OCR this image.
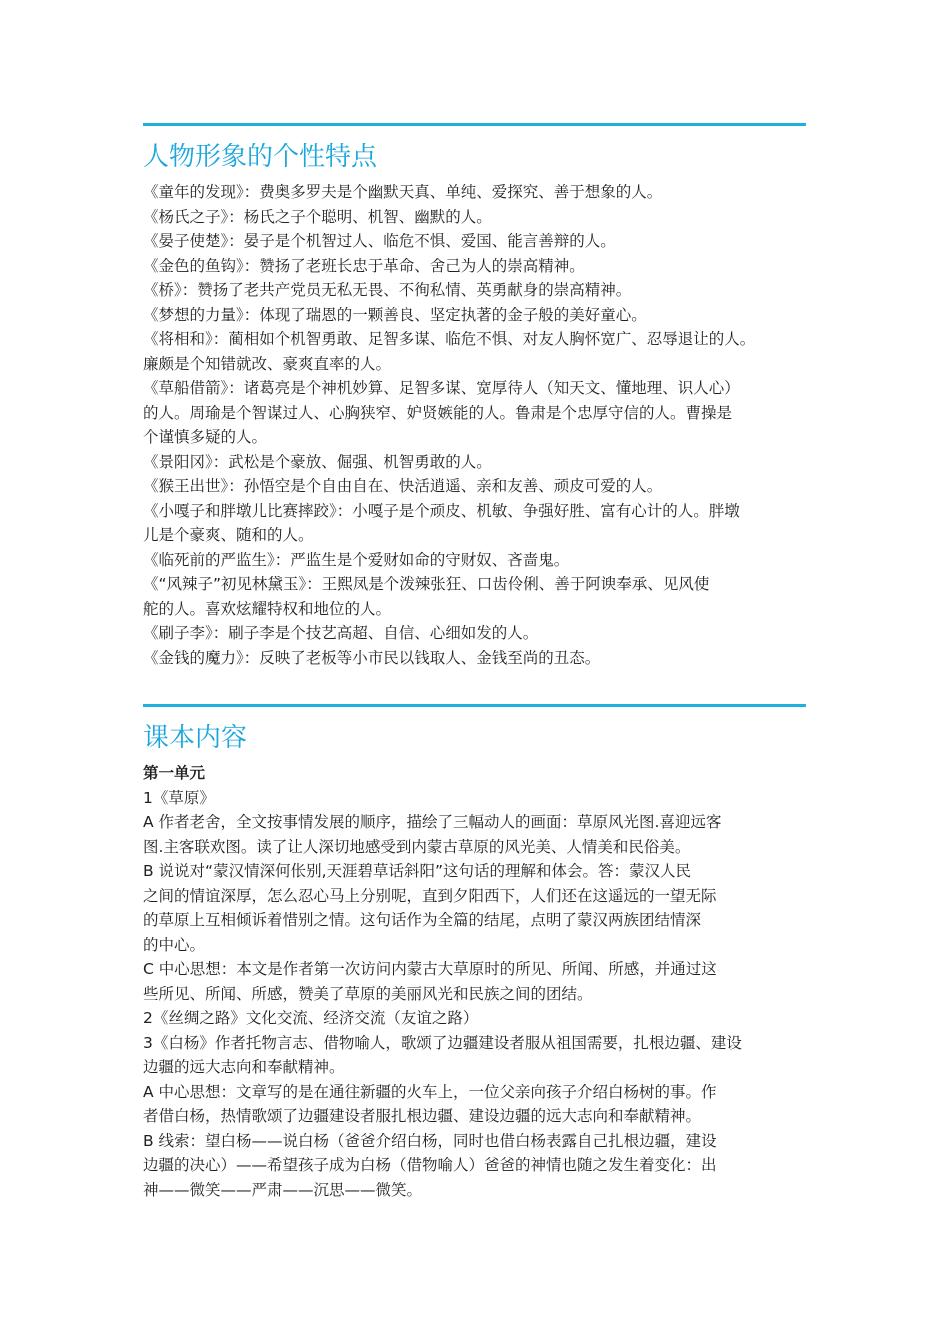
人物形象的个性特点

《童年的发现》：费奥多罗夫是个幽默天真、单纯、爱探究、善于想象的人。

《杨氏之子》：杨氏之子个聪明、机智、幽默的人。

《晏子使楚》：晏子是个机智过人、临危不惧、爱国、能言善辩的人。

《金色的鱼钩》：赞扬了老班长忠于革命、舍己为人的崇高精神。

《桥》：赞扬了老共产党员无私无畏、不徇私情、英勇献身的崇高精神。

《梦想的力量》：体现了瑞恩的一颗善良、坚定执著的金子般的美好童心。

《将相和》：蔺相如个机智勇敢、足智多谋、临危不惧、对友人胸怀宽广、忍辱退让的人。

廉颇是个知错就改、豪爽直率的人。

《草船借箭》：诸葛亮是个神机妙算、足智多谋、宽厚待人（知天文、懂地理、识人心）

的人。周瑜是个智谋过人、心胸狭窄、妒贤嫉能的人。鲁肃是个忠厚守信的人。曹操是

个谨慎多疑的人。

《景阳冈》：武松是个豪放、倔强、机智勇敢的人。

《猴王出世》：孙悟空是个自由自在、快活逍遥、亲和友善、顽皮可爱的人。

《小嘎子和胖墩儿比赛摔跤》：小嘎子是个顽皮、机敏、争强好胜、富有心计的人。胖墩

儿是个豪爽、随和的人。

《临死前的严监生》：严监生是个爱财如命的守财奴、吝啬鬼。

《“风辣子”初见林黛玉》：王熙凤是个泼辣张狂、口齿伶俐、善于阿谀奉承、见风使

舵的人。喜欢炫耀特权和地位的人。

《刷子李》：刷子李是个技艺高超、自信、心细如发的人。

《金钱的魔力》：反映了老板等小市民以钱取人、金钱至尚的丑态。

课本内容

第一单元

1《草原》

A 作者老舍，全文按事情发展的顺序，描绘了三幅动人的画面：草原风光图.喜迎远客

图.主客联欢图。读了让人深切地感受到内蒙古草原的风光美、人情美和民俗美。

B 说说对“蒙汉情深何伥别,天涯碧草话斜阳”这句话的理解和体会。答：蒙汉人民

之间的情谊深厚，怎么忍心马上分别呢，直到夕阳西下，人们还在这遥远的一望无际

的草原上互相倾诉着惜别之情。这句话作为全篇的结尾，点明了蒙汉两族团结情深

的中心。

C 中心思想：本文是作者第一次访问内蒙古大草原时的所见、所闻、所感，并通过这

些所见、所闻、所感，赞美了草原的美丽风光和民族之间的团结。

2《丝绸之路》文化交流、经济交流（友谊之路）

3《白杨》作者托物言志、借物喻人，歌颂了边疆建设者服从祖国需要，扎根边疆、建设

边疆的远大志向和奉献精神。

A 中心思想：文章写的是在通往新疆的火车上，一位父亲向孩子介绍白杨树的事。作

者借白杨，热情歌颂了边疆建设者服扎根边疆、建设边疆的远大志向和奉献精神。

B 线索：望白杨——说白杨（爸爸介绍白杨，同时也借白杨表露自己扎根边疆，建设

边疆的决心）——希望孩子成为白杨（借物喻人）爸爸的神情也随之发生着变化：出

神——微笑——严肃——沉思——微笑。
